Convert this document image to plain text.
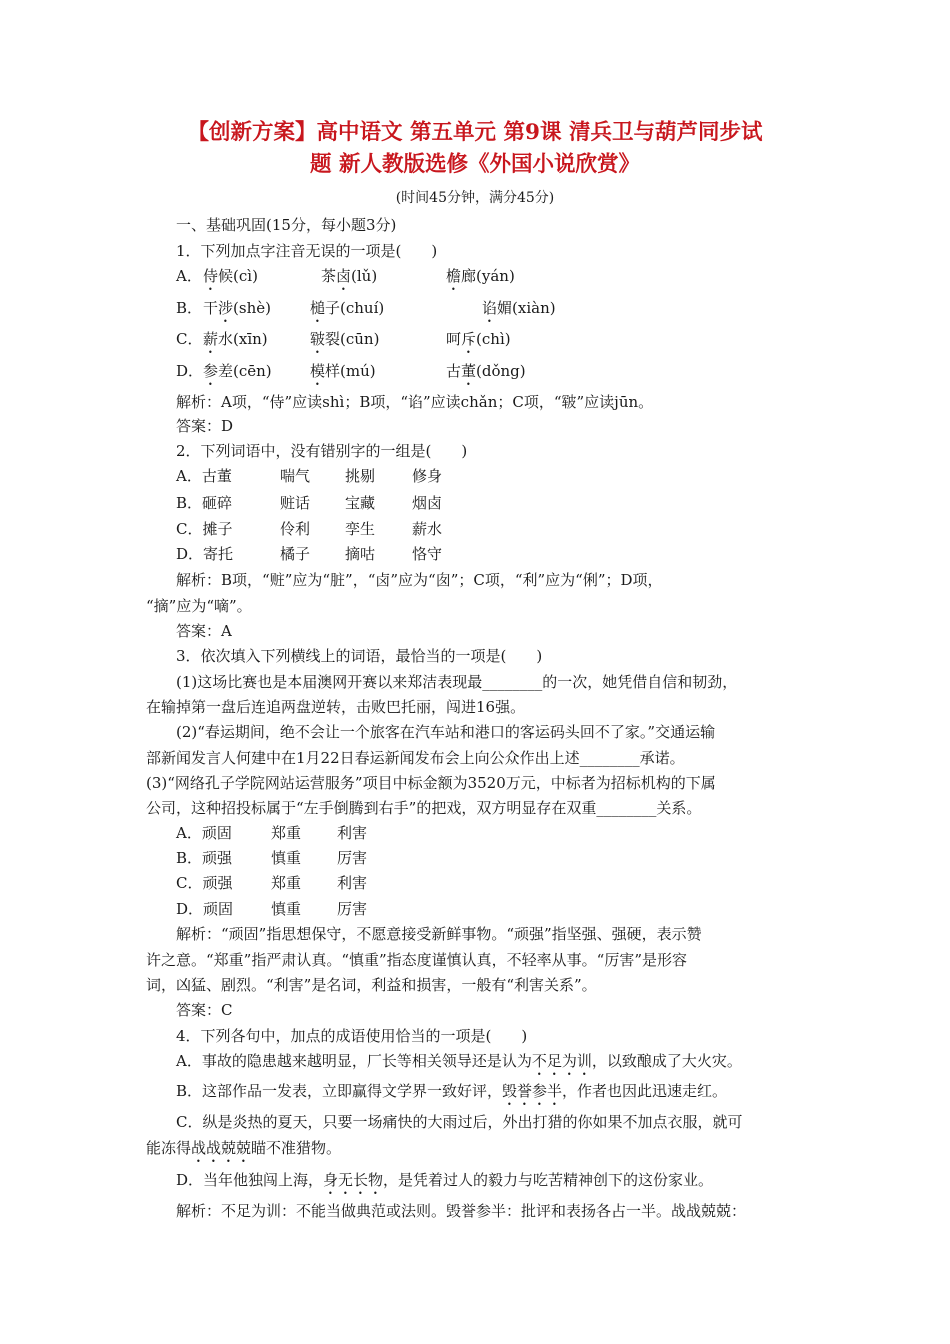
【创新方案】高中语文 第五单元 第9课 清兵卫与葫芦同步试
题 新人教版选修《外国小说欣赏》
(时间45分钟，满分45分)
一、基础巩固(15分，每小题3分)
1．下列加点字注音无误的一项是(　　)
A． 侍候(cì)	茶卤(lǔ)	檐廊(yán)
B． 干涉(shè)	槌子(chuí)	谄媚(xiàn)
C． 薪水(xīn)	皲裂(cūn)	呵斥(chì)
D． 参差(cēn)	模样(mú)	古董(dǒng)
解析：A项，“侍”应读shì；B项，“谄”应读chǎn；C项，“皲”应读jūn。
答案：D
2．下列词语中，没有错别字的一组是(　　)
A．古董	喘气 挑剔 修身
B．砸碎	赃话 宝藏 烟卤
C．摊子	伶利 孪生 薪水
D．寄托	橘子 摘咕 恪守
解析：B项，“赃”应为“脏”，“卤”应为“囱”；C项，“利”应为“俐”；D项，
“摘”应为“嘀”。
答案：A
3．依次填入下列横线上的词语，最恰当的一项是(　　)
(1)这场比赛也是本届澳网开赛以来郑洁表现最________的一次，她凭借自信和韧劲，
在输掉第一盘后连追两盘逆转，击败巴托丽，闯进16强。
(2)“春运期间，绝不会让一个旅客在汽车站和港口的客运码头回不了家。”交通运输
部新闻发言人何建中在1月22日春运新闻发布会上向公众作出上述________承诺。
(3)“网络孔子学院网站运营服务”项目中标金额为3520万元，中标者为招标机构的下属
公司，这种招投标属于“左手倒腾到右手”的把戏，双方明显存在双重________关系。
A．顽固	郑重 利害
B．顽强	慎重 厉害
C．顽强	郑重 利害
D．顽固	慎重 厉害
解析：“顽固”指思想保守，不愿意接受新鲜事物。“顽强”指坚强、强硬，表示赞
许之意。“郑重”指严肃认真。“慎重”指态度谨慎认真，不轻率从事。“厉害”是形容
词，凶猛、剧烈。“利害”是名词，利益和损害，一般有“利害关系”。
答案：C
4．下列各句中，加点的成语使用恰当的一项是(　　)
A．事故的隐患越来越明显，厂长等相关领导还是认为不足为训，以致酿成了大火灾。
B．这部作品一发表，立即赢得文学界一致好评，毁誉参半，作者也因此迅速走红。
C．纵是炎热的夏天，只要一场痛快的大雨过后，外出打猎的你如果不加点衣服，就可
能冻得战战兢兢瞄不准猎物。
D．当年他独闯上海，身无长物，是凭着过人的毅力与吃苦精神创下的这份家业。
解析：不足为训：不能当做典范或法则。毁誉参半：批评和表扬各占一半。战战兢兢：
